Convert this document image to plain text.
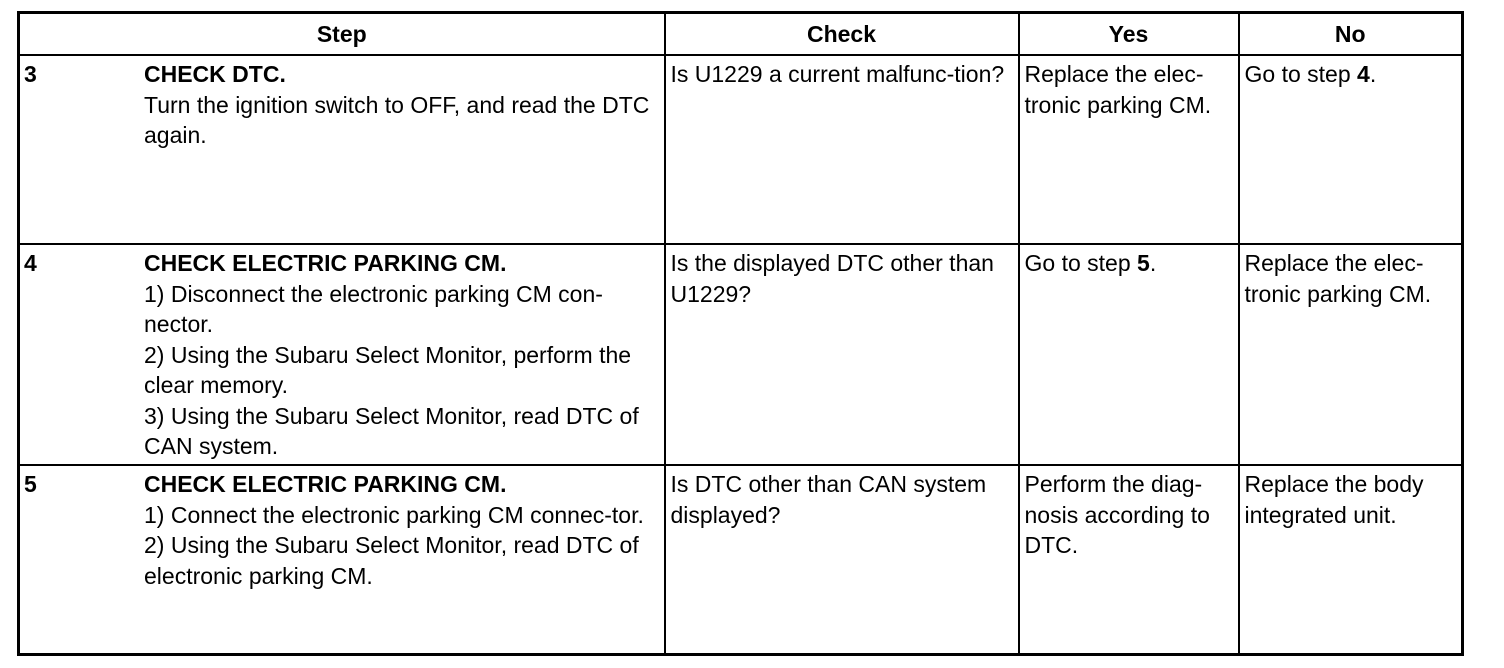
Step	Check	Yes	No

3 CHECK DTC.
Turn the ignition switch to OFF, and read the DTC again.	Is U1229 a current malfunc-tion?	Replace the elec-tronic parking CM.	Go to step 4.

4 CHECK ELECTRIC PARKING CM.
1) Disconnect the electronic parking CM con-nector.
2) Using the Subaru Select Monitor, perform the clear memory.
3) Using the Subaru Select Monitor, read DTC of CAN system.	Is the displayed DTC other than U1229?	Go to step 5.	Replace the elec-tronic parking CM.

5 CHECK ELECTRIC PARKING CM.
1) Connect the electronic parking CM connec-tor.
2) Using the Subaru Select Monitor, read DTC of electronic parking CM.	Is DTC other than CAN system displayed?	Perform the diag-nosis according to DTC.	Replace the body integrated unit.
